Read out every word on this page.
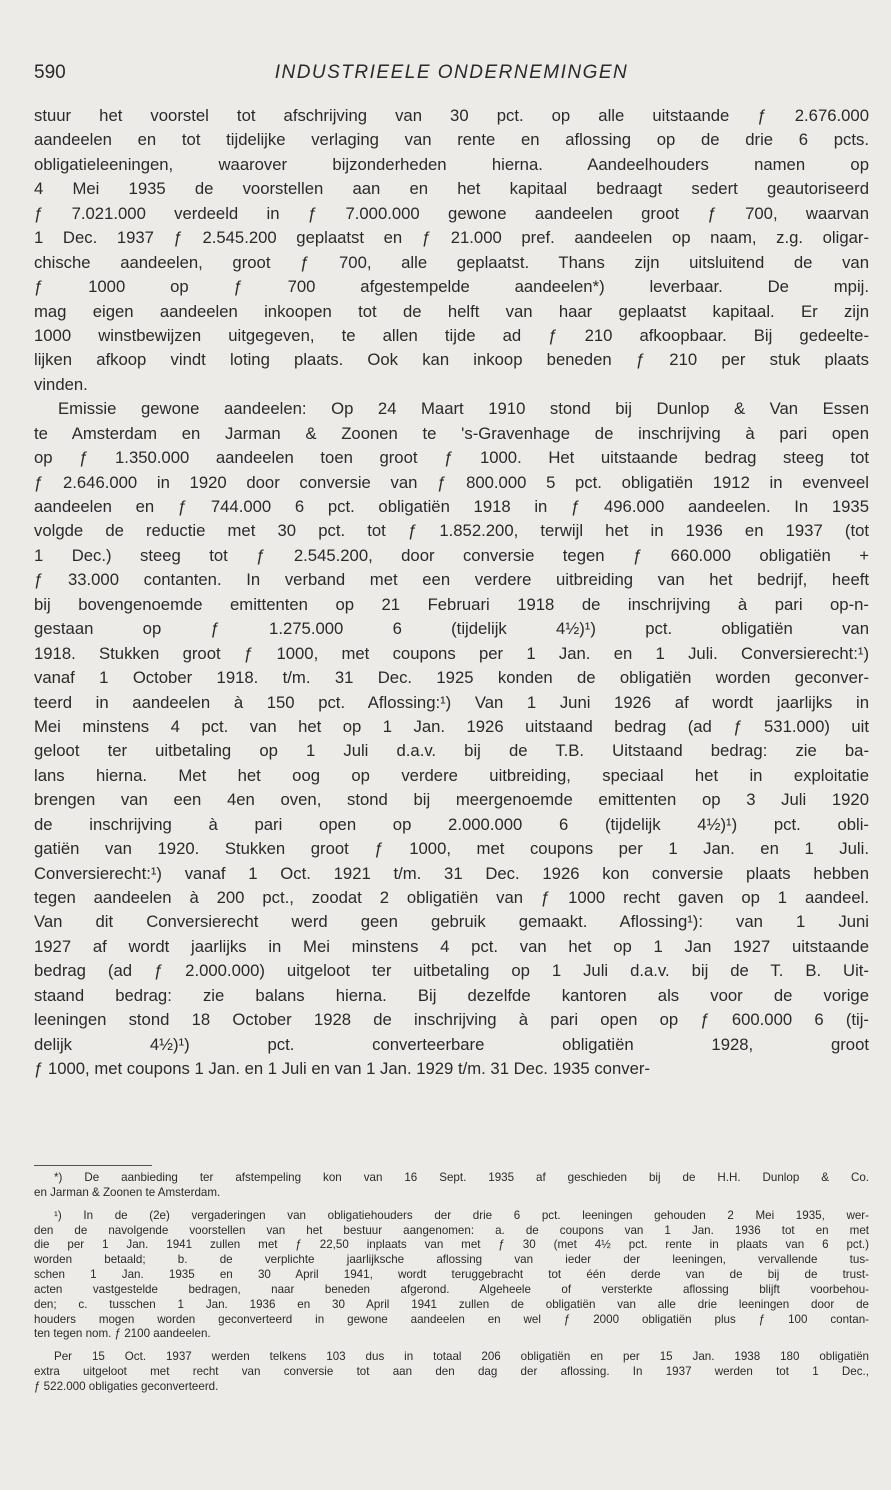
590	INDUSTRIEELE ONDERNEMINGEN
stuur het voorstel tot afschrijving van 30 pct. op alle uitstaande ƒ 2.676.000
aandeelen en tot tijdelijke verlaging van rente en aflossing op de drie 6 pcts.
obligatieleeningen, waarover bijzonderheden hierna. Aandeelhouders namen op
4 Mei 1935 de voorstellen aan en het kapitaal bedraagt sedert geautoriseerd
ƒ 7.021.000 verdeeld in ƒ 7.000.000 gewone aandeelen groot ƒ 700, waarvan
1 Dec. 1937 ƒ 2.545.200 geplaatst en ƒ 21.000 pref. aandeelen op naam, z.g. oligar-
chische aandeelen, groot ƒ 700, alle geplaatst. Thans zijn uitsluitend de van
ƒ 1000 op ƒ 700 afgestempelde aandeelen*) leverbaar. De mpij.
mag eigen aandeelen inkoopen tot de helft van haar geplaatst kapitaal. Er zijn
1000 winstbewijzen uitgegeven, te allen tijde ad ƒ 210 afkoopbaar. Bij gedeelte-
lijken afkoop vindt loting plaats. Ook kan inkoop beneden ƒ 210 per stuk plaats
vinden.
Emissie gewone aandeelen: Op 24 Maart 1910 stond bij Dunlop & Van Essen
te Amsterdam en Jarman & Zoonen te 's-Gravenhage de inschrijving à pari open
op ƒ 1.350.000 aandeelen toen groot ƒ 1000. Het uitstaande bedrag steeg tot
ƒ 2.646.000 in 1920 door conversie van ƒ 800.000 5 pct. obligatiën 1912 in evenveel
aandeelen en ƒ 744.000 6 pct. obligatiën 1918 in ƒ 496.000 aandeelen. In 1935
volgde de reductie met 30 pct. tot ƒ 1.852.200, terwijl het in 1936 en 1937 (tot
1 Dec.) steeg tot ƒ 2.545.200, door conversie tegen ƒ 660.000 obligatiën +
ƒ 33.000 contanten. In verband met een verdere uitbreiding van het bedrijf, heeft
bij bovengenoemde emittenten op 21 Februari 1918 de inschrijving à pari op-n-
gestaan op ƒ 1.275.000 6 (tijdelijk 4½)¹) pct. obligatiën van
1918. Stukken groot ƒ 1000, met coupons per 1 Jan. en 1 Juli. Conversierecht:¹)
vanaf 1 October 1918. t/m. 31 Dec. 1925 konden de obligatiën worden geconver-
teerd in aandeelen à 150 pct. Aflossing:¹) Van 1 Juni 1926 af wordt jaarlijks in
Mei minstens 4 pct. van het op 1 Jan. 1926 uitstaand bedrag (ad ƒ 531.000) uit
geloot ter uitbetaling op 1 Juli d.a.v. bij de T.B. Uitstaand bedrag: zie ba-
lans hierna. Met het oog op verdere uitbreiding, speciaal het in exploitatie
brengen van een 4en oven, stond bij meergenoemde emittenten op 3 Juli 1920
de inschrijving à pari open op 2.000.000 6 (tijdelijk 4½)¹) pct. obli-
gatiën van 1920. Stukken groot ƒ 1000, met coupons per 1 Jan. en 1 Juli.
Conversierecht:¹) vanaf 1 Oct. 1921 t/m. 31 Dec. 1926 kon conversie plaats hebben
tegen aandeelen à 200 pct., zoodat 2 obligatiën van ƒ 1000 recht gaven op 1 aandeel.
Van dit Conversierecht werd geen gebruik gemaakt. Aflossing¹): van 1 Juni
1927 af wordt jaarlijks in Mei minstens 4 pct. van het op 1 Jan 1927 uitstaande
bedrag (ad ƒ 2.000.000) uitgeloot ter uitbetaling op 1 Juli d.a.v. bij de T. B. Uit-
staand bedrag: zie balans hierna. Bij dezelfde kantoren als voor de vorige
leeningen stond 18 October 1928 de inschrijving à pari open op ƒ 600.000 6 (tij-
delijk 4½)¹) pct. converteerbare obligatiën 1928, groot
ƒ 1000, met coupons 1 Jan. en 1 Juli en van 1 Jan. 1929 t/m. 31 Dec. 1935 conver-
*) De aanbieding ter afstempeling kon van 16 Sept. 1935 af geschieden bij de H.H. Dunlop & Co.
en Jarman & Zoonen te Amsterdam.
¹) In de (2e) vergaderingen van obligatiehouders der drie 6 pct. leeningen gehouden 2 Mei 1935, wer-
den de navolgende voorstellen van het bestuur aangenomen: a. de coupons van 1 Jan. 1936 tot en met
die per 1 Jan. 1941 zullen met ƒ 22,50 inplaats van met ƒ 30 (met 4½ pct. rente in plaats van 6 pct.)
worden betaald; b. de verplichte jaarlijksche aflossing van ieder der leeningen, vervallende tus-
schen 1 Jan. 1935 en 30 April 1941, wordt teruggebracht tot één derde van de bij de trust-
acten vastgestelde bedragen, naar beneden afgerond. Algeheele of versterkte aflossing blijft voorbehou-
den; c. tusschen 1 Jan. 1936 en 30 April 1941 zullen de obligatiën van alle drie leeningen door de
houders mogen worden geconverteerd in gewone aandeelen en wel ƒ 2000 obligatiën plus ƒ 100 contan-
ten tegen nom. ƒ 2100 aandeelen.
Per 15 Oct. 1937 werden telkens 103 dus in totaal 206 obligatiën en per 15 Jan. 1938 180 obligatiën
extra uitgeloot met recht van conversie tot aan den dag der aflossing. In 1937 werden tot 1 Dec.,
ƒ 522.000 obligaties geconverteerd.
